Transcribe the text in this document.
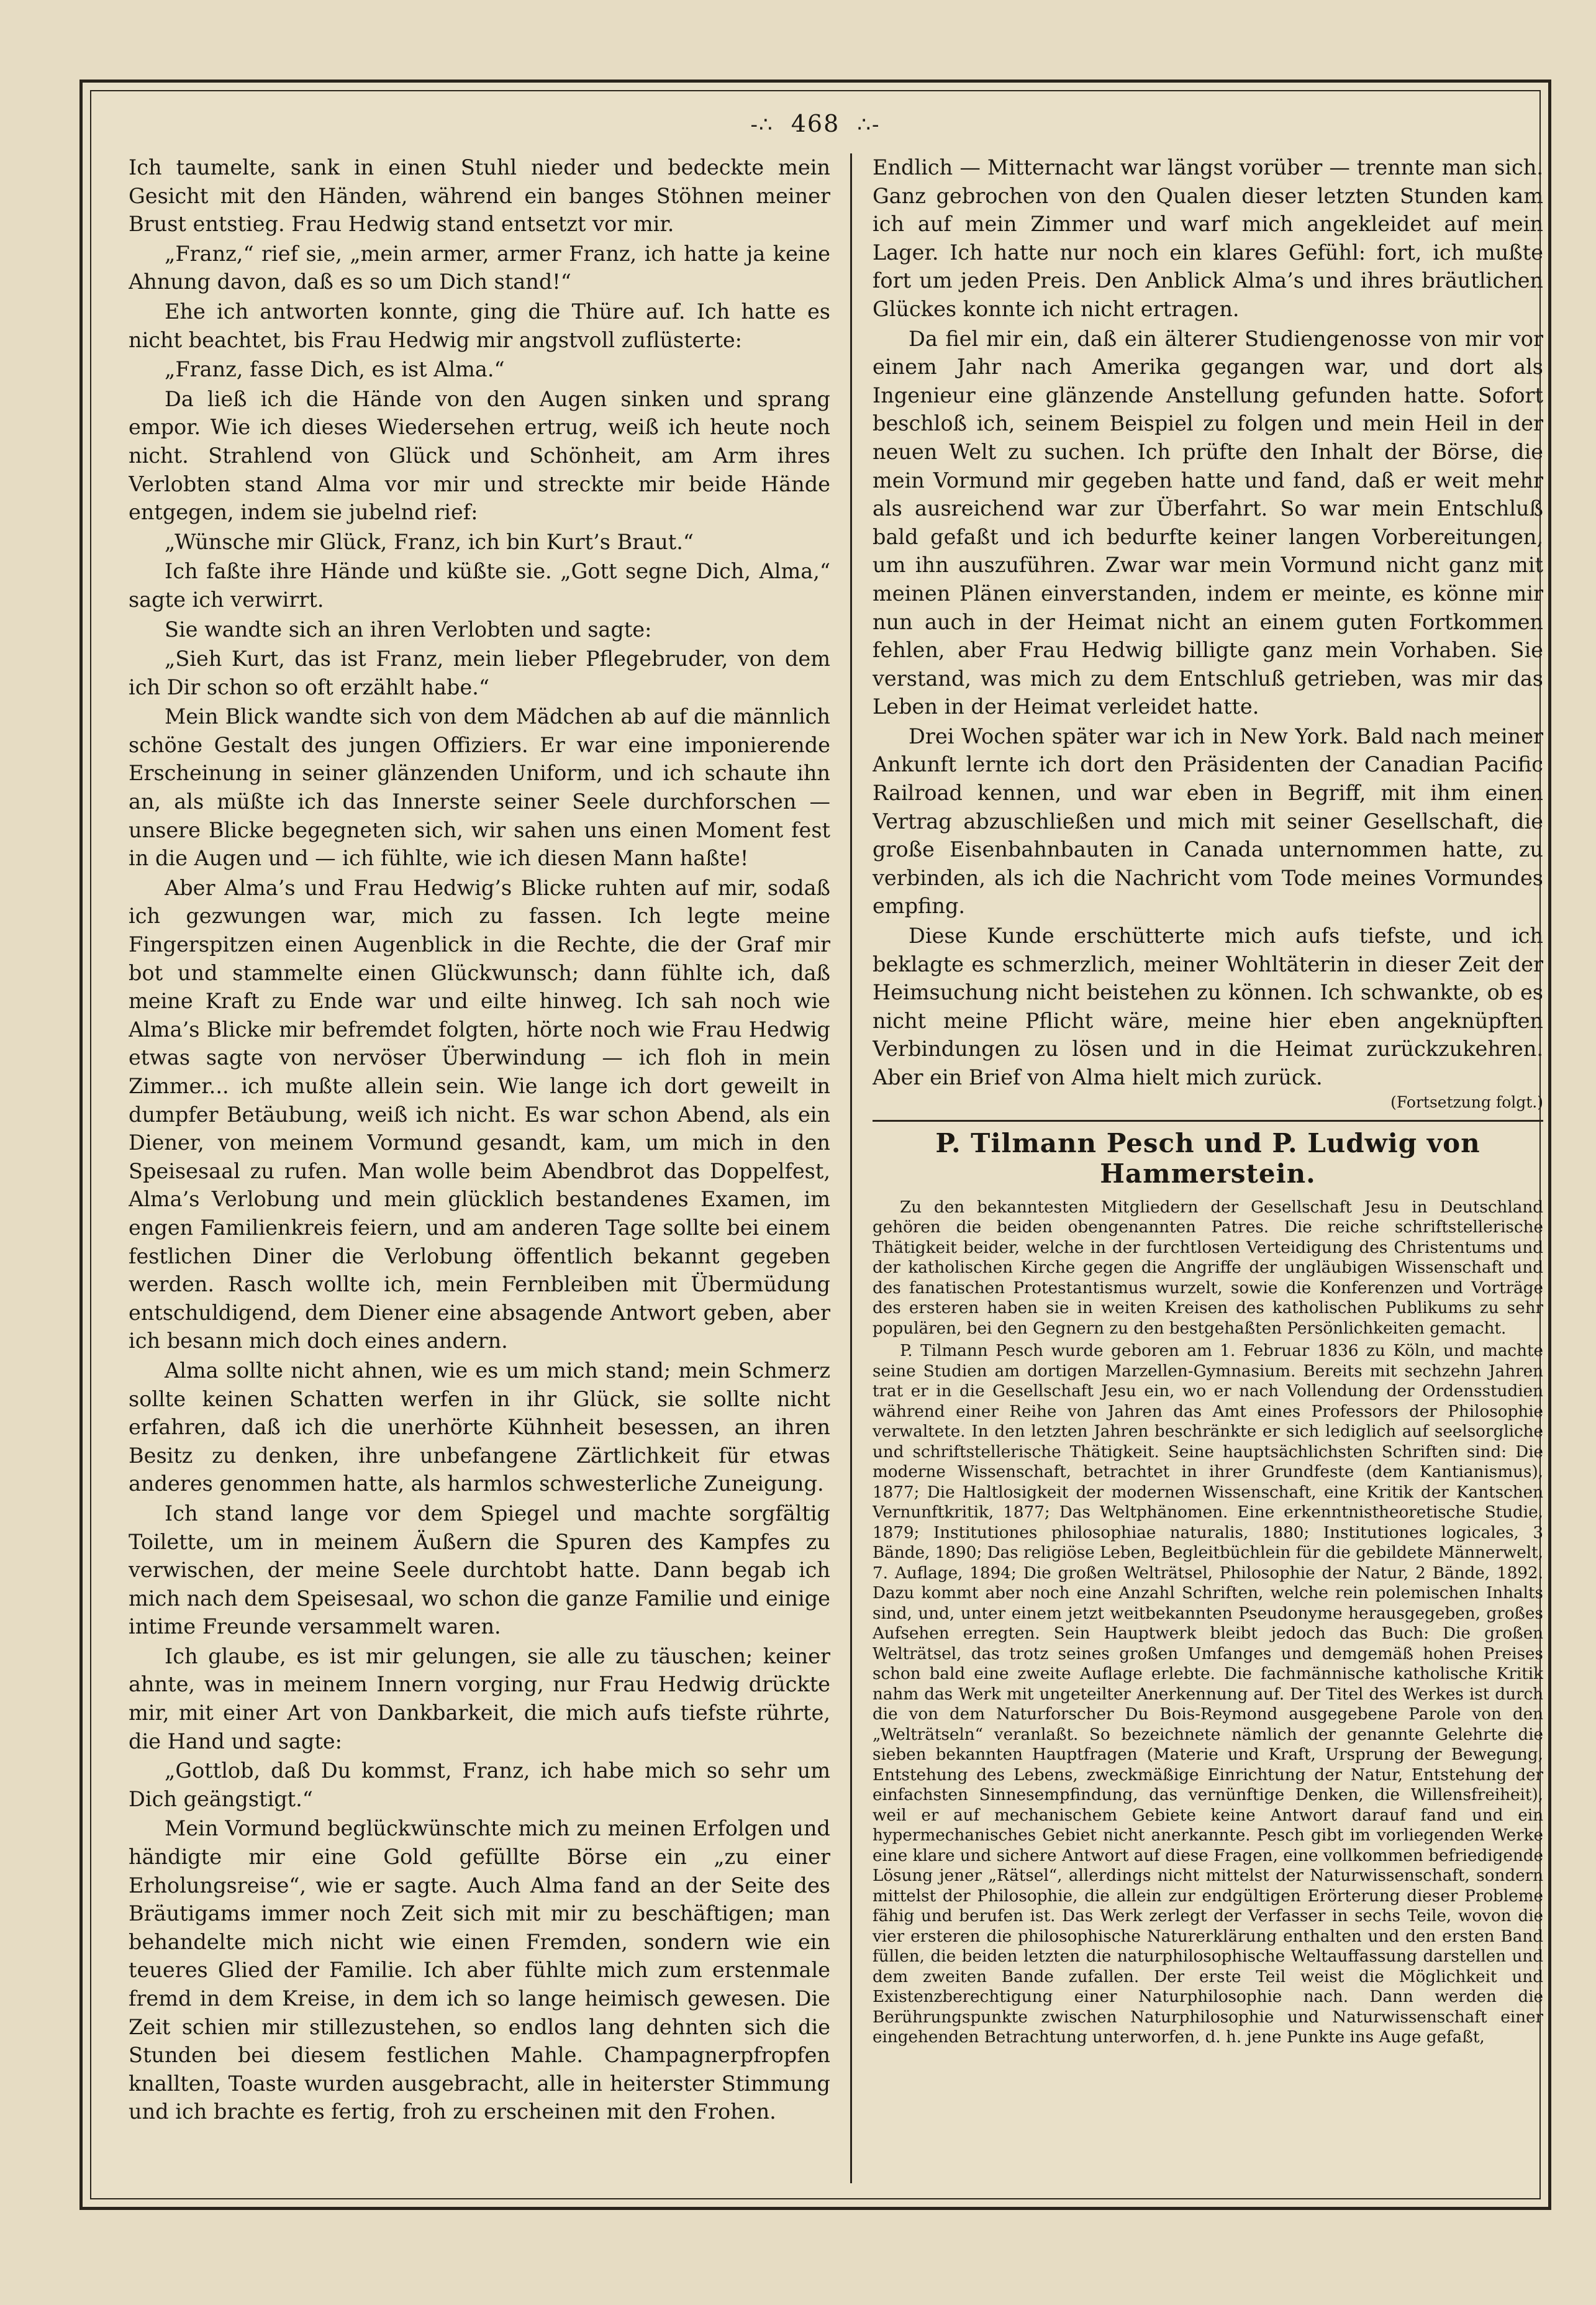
-∴ 468 ∴-

Ich taumelte, sank in einen Stuhl nieder und bedeckte mein Gesicht mit den Händen, während ein banges Stöhnen meiner Brust entstieg. Frau Hedwig stand entsetzt vor mir.

„Franz,“ rief sie, „mein armer, armer Franz, ich hatte ja keine Ahnung davon, daß es so um Dich stand!“

Ehe ich antworten konnte, ging die Thüre auf. Ich hatte es nicht beachtet, bis Frau Hedwig mir angstvoll zuflüsterte:

„Franz, fasse Dich, es ist Alma.“

Da ließ ich die Hände von den Augen sinken und sprang empor. Wie ich dieses Wiedersehen ertrug, weiß ich heute noch nicht. Strahlend von Glück und Schönheit, am Arm ihres Verlobten stand Alma vor mir und streckte mir beide Hände entgegen, indem sie jubelnd rief:

„Wünsche mir Glück, Franz, ich bin Kurt’s Braut.“

Ich faßte ihre Hände und küßte sie. „Gott segne Dich, Alma,“ sagte ich verwirrt.

Sie wandte sich an ihren Verlobten und sagte:

„Sieh Kurt, das ist Franz, mein lieber Pflegebruder, von dem ich Dir schon so oft erzählt habe.“

Mein Blick wandte sich von dem Mädchen ab auf die männlich schöne Gestalt des jungen Offiziers. Er war eine imponierende Erscheinung in seiner glänzenden Uniform, und ich schaute ihn an, als müßte ich das Innerste seiner Seele durchforschen — unsere Blicke begegneten sich, wir sahen uns einen Moment fest in die Augen und — ich fühlte, wie ich diesen Mann haßte!

Aber Alma’s und Frau Hedwig’s Blicke ruhten auf mir, sodaß ich gezwungen war, mich zu fassen. Ich legte meine Fingerspitzen einen Augenblick in die Rechte, die der Graf mir bot und stammelte einen Glückwunsch; dann fühlte ich, daß meine Kraft zu Ende war und eilte hinweg. Ich sah noch wie Alma’s Blicke mir befremdet folgten, hörte noch wie Frau Hedwig etwas sagte von nervöser Überwindung — ich floh in mein Zimmer... ich mußte allein sein. Wie lange ich dort geweilt in dumpfer Betäubung, weiß ich nicht. Es war schon Abend, als ein Diener, von meinem Vormund gesandt, kam, um mich in den Speisesaal zu rufen. Man wolle beim Abendbrot das Doppelfest, Alma’s Verlobung und mein glücklich bestandenes Examen, im engen Familienkreis feiern, und am anderen Tage sollte bei einem festlichen Diner die Verlobung öffentlich bekannt gegeben werden. Rasch wollte ich, mein Fernbleiben mit Übermüdung entschuldigend, dem Diener eine absagende Antwort geben, aber ich besann mich doch eines andern.

Alma sollte nicht ahnen, wie es um mich stand; mein Schmerz sollte keinen Schatten werfen in ihr Glück, sie sollte nicht erfahren, daß ich die unerhörte Kühnheit besessen, an ihren Besitz zu denken, ihre unbefangene Zärtlichkeit für etwas anderes genommen hatte, als harmlos schwesterliche Zuneigung.

Ich stand lange vor dem Spiegel und machte sorgfältig Toilette, um in meinem Äußern die Spuren des Kampfes zu verwischen, der meine Seele durchtobt hatte. Dann begab ich mich nach dem Speisesaal, wo schon die ganze Familie und einige intime Freunde versammelt waren.

Ich glaube, es ist mir gelungen, sie alle zu täuschen; keiner ahnte, was in meinem Innern vorging, nur Frau Hedwig drückte mir, mit einer Art von Dankbarkeit, die mich aufs tiefste rührte, die Hand und sagte:

„Gottlob, daß Du kommst, Franz, ich habe mich so sehr um Dich geängstigt.“

Mein Vormund beglückwünschte mich zu meinen Erfolgen und händigte mir eine Gold gefüllte Börse ein „zu einer Erholungsreise“, wie er sagte. Auch Alma fand an der Seite des Bräutigams immer noch Zeit sich mit mir zu beschäftigen; man behandelte mich nicht wie einen Fremden, sondern wie ein teueres Glied der Familie. Ich aber fühlte mich zum erstenmale fremd in dem Kreise, in dem ich so lange heimisch gewesen. Die Zeit schien mir stillezustehen, so endlos lang dehnten sich die Stunden bei diesem festlichen Mahle. Champagnerpfropfen knallten, Toaste wurden ausgebracht, alle in heiterster Stimmung und ich brachte es fertig, froh zu erscheinen mit den Frohen.

Endlich — Mitternacht war längst vorüber — trennte man sich. Ganz gebrochen von den Qualen dieser letzten Stunden kam ich auf mein Zimmer und warf mich angekleidet auf mein Lager. Ich hatte nur noch ein klares Gefühl: fort, ich mußte fort um jeden Preis. Den Anblick Alma’s und ihres bräutlichen Glückes konnte ich nicht ertragen.

Da fiel mir ein, daß ein älterer Studiengenosse von mir vor einem Jahr nach Amerika gegangen war, und dort als Ingenieur eine glänzende Anstellung gefunden hatte. Sofort beschloß ich, seinem Beispiel zu folgen und mein Heil in der neuen Welt zu suchen. Ich prüfte den Inhalt der Börse, die mein Vormund mir gegeben hatte und fand, daß er weit mehr als ausreichend war zur Überfahrt. So war mein Entschluß bald gefaßt und ich bedurfte keiner langen Vorbereitungen, um ihn auszuführen. Zwar war mein Vormund nicht ganz mit meinen Plänen einverstanden, indem er meinte, es könne mir nun auch in der Heimat nicht an einem guten Fortkommen fehlen, aber Frau Hedwig billigte ganz mein Vorhaben. Sie verstand, was mich zu dem Entschluß getrieben, was mir das Leben in der Heimat verleidet hatte.

Drei Wochen später war ich in New York. Bald nach meiner Ankunft lernte ich dort den Präsidenten der Canadian Pacific Railroad kennen, und war eben in Begriff, mit ihm einen Vertrag abzuschließen und mich mit seiner Gesellschaft, die große Eisenbahnbauten in Canada unternommen hatte, zu verbinden, als ich die Nachricht vom Tode meines Vormundes empfing.

Diese Kunde erschütterte mich aufs tiefste, und ich beklagte es schmerzlich, meiner Wohltäterin in dieser Zeit der Heimsuchung nicht beistehen zu können. Ich schwankte, ob es nicht meine Pflicht wäre, meine hier eben angeknüpften Verbindungen zu lösen und in die Heimat zurückzukehren. Aber ein Brief von Alma hielt mich zurück.

(Fortsetzung folgt.)
P. Tilmann Pesch und P. Ludwig von Hammerstein.

Zu den bekanntesten Mitgliedern der Gesellschaft Jesu in Deutschland gehören die beiden obengenannten Patres. Die reiche schriftstellerische Thätigkeit beider, welche in der furchtlosen Verteidigung des Christentums und der katholischen Kirche gegen die Angriffe der ungläubigen Wissenschaft und des fanatischen Protestantismus wurzelt, sowie die Konferenzen und Vorträge des ersteren haben sie in weiten Kreisen des katholischen Publikums zu sehr populären, bei den Gegnern zu den bestgehaßten Persönlichkeiten gemacht.

P. Tilmann Pesch wurde geboren am 1. Februar 1836 zu Köln, und machte seine Studien am dortigen Marzellen-Gymnasium. Bereits mit sechzehn Jahren trat er in die Gesellschaft Jesu ein, wo er nach Vollendung der Ordensstudien während einer Reihe von Jahren das Amt eines Professors der Philosophie verwaltete. In den letzten Jahren beschränkte er sich lediglich auf seelsorgliche und schriftstellerische Thätigkeit. Seine hauptsächlichsten Schriften sind: Die moderne Wissenschaft, betrachtet in ihrer Grundfeste (dem Kantianismus), 1877; Die Haltlosigkeit der modernen Wissenschaft, eine Kritik der Kantschen Vernunftkritik, 1877; Das Weltphänomen. Eine erkenntnistheoretische Studie, 1879; Institutiones philosophiae naturalis, 1880; Institutiones logicales, 3 Bände, 1890; Das religiöse Leben, Begleitbüchlein für die gebildete Männerwelt, 7. Auflage, 1894; Die großen Welträtsel, Philosophie der Natur, 2 Bände, 1892. Dazu kommt aber noch eine Anzahl Schriften, welche rein polemischen Inhalts sind, und, unter einem jetzt weitbekannten Pseudonyme herausgegeben, großes Aufsehen erregten. Sein Hauptwerk bleibt jedoch das Buch: Die großen Welträtsel, das trotz seines großen Umfanges und demgemäß hohen Preises schon bald eine zweite Auflage erlebte. Die fachmännische katholische Kritik nahm das Werk mit ungeteilter Anerkennung auf. Der Titel des Werkes ist durch die von dem Naturforscher Du Bois-Reymond ausgegebene Parole von den „Welträtseln“ veranlaßt. So bezeichnete nämlich der genannte Gelehrte die sieben bekannten Hauptfragen (Materie und Kraft, Ursprung der Bewegung, Entstehung des Lebens, zweckmäßige Einrichtung der Natur, Entstehung der einfachsten Sinnesempfindung, das vernünftige Denken, die Willensfreiheit), weil er auf mechanischem Gebiete keine Antwort darauf fand und ein hypermechanisches Gebiet nicht anerkannte. Pesch gibt im vorliegenden Werke eine klare und sichere Antwort auf diese Fragen, eine vollkommen befriedigende Lösung jener „Rätsel“, allerdings nicht mittelst der Naturwissenschaft, sondern mittelst der Philosophie, die allein zur endgültigen Erörterung dieser Probleme fähig und berufen ist. Das Werk zerlegt der Verfasser in sechs Teile, wovon die vier ersteren die philosophische Naturerklärung enthalten und den ersten Band füllen, die beiden letzten die naturphilosophische Weltauffassung darstellen und dem zweiten Bande zufallen. Der erste Teil weist die Möglichkeit und Existenzberechtigung einer Naturphilosophie nach. Dann werden die Berührungspunkte zwischen Naturphilosophie und Naturwissenschaft einer eingehenden Betrachtung unterworfen, d. h. jene Punkte ins Auge gefaßt,
